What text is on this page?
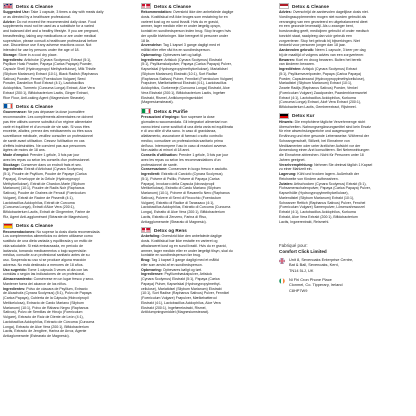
Detox & Cleanse
Suggested Use: Take 1 capsule, 3 times a day with meals daily
or as directed by a healthcare professional.
Advice: Do not exceed the recommended daily dose. Food
supplements must not be used as a substitute for a varied
and balanced diet and a healthy lifestyle. If you are pregnant,
breastfeeding, taking any medications or are under medical
supervision, please consult a healthcare professional before
use. Discontinue use if any adverse reactions occur. Not
intended for use by persons under the age of 18.
Storage: Store in a cool dry place.
Ingredients: Artichoke (Cynara Scolymus) Extract (5:1),
Psyllium Husk Powder, Papaya (Carica Papaya) Powder,
Capsule Shell (Hydroxypropyl Methylcellulose), Milk Thistle
(Silybum Marianum) Extract (10:1), Black Radish (Raphanus
Sativus) Powder, Fennel (Foeniculum Vulgare) Seed
Powder, Dandelion Root Extract (4:1), Lactobacillus
Acidophilus, Turmeric (Curcuma Longa) Extract, Aloe Vera
Extract (200:1), Bifidobacterium Lactis, Ginger Extract,
Rice Flour, Anti-caking Agent (Magnesium Stearate).
Detox & Cleanse
Gouvernance: Ne pas dépasser la dose journalière
recommandée. Les compléments alimentaires ne doivent
pas être utilisés comme substitut d'un régime alimentaire
varié et équilibré et d'un mode de vie sain. Si vous êtes
enceinte, allaitez, prenez des médicaments ou êtes sous
surveillance médicale, veuillez consulter un professionnel
de santé avant utilisation. Cessez l'utilisation en cas
d'effets indésirables. Ne convient pas aux personnes
âgées de moins de 18 ans.
Mode d'emploi: Prendre 1 gélule, 3 fois par jour
avec les repas ou selon les conseils d'un professionnel.
Stockage: Conserver dans un endroit frais et sec.
Ingrédients: Extrait d'Artichaut (Cynara Scolymus)
(5:1), Poudre de Psyllium, Poudre de Papaye (Carica
Papaya), Enveloppe de la Gélule (Hydroxypropyl
Méthylcellulose), Extrait de Chardon-Marie (Silybum
Marianum) (10:1), Poudre de Radis Noir (Raphanus
Sativus), Poudre de Graines de Fenouil (Foeniculum
Vulgare), Extrait de Racine de Pissenlit (4:1),
Lactobacillus Acidophilus, Extrait de Curcuma
(Curcuma Longa), Extrait d'Aloe Vera (200:1),
Bifidobacterium Lactis, Extrait de Gingembre, Farine de
Riz, Agent Anti-agglomérant (Stéarate de Magnésium).
Detox & Cleanse
Recomendaciones: No superar la dosis diaria recomendada.
Los complementos alimenticios no deben utilizarse como
sustituto de una dieta variada y equilibrada y un estilo de
vida saludable. Si está embarazada, en período de
lactancia, tomando medicamentos o bajo supervisión
médica, consulte a un profesional sanitario antes de su
uso. Suspenda su uso si se produce alguna reacción
adversa. No está destinado a menores de 18 años.
Uso sugerido: Tome 1 cápsula 3 veces al día con las
comidas o según las indicaciones de un profesional.
Almacenamiento: Consérvese en un lugar fresco y seco.
Mantener fuera del alcance de los niños.
Ingredientes: Polvo de cáscara de Psyllium, Extracto
de Alcachofa (Cynara Scolymus) (5:1), Polvo de Papaya
(Carica Papaya), Cubierta de la Cápsula (Hidroxipropil
Metilcelulosa), Extracto de Cardo Mariano (Silybum
Marianum) (10:1), Polvo de Rábano Negro (Raphanus
Sativus), Polvo de Semillas de Hinojo (Foeniculum
Vulgare), Extracto de Raíz de Diente de León (4:1),
Lactobacillus Acidophilus, Extracto de Cúrcuma (Curcuma
Longa), Extracto de Aloe Vera (200:1), Bifidobacterium
Lactis, Extracto de Jengibre, Harina de Arroz, Agente
Antiaglomerante (Estearato de Magnesio).
Detox & Cleanse
Rekommendation: Overskrid ikke den anbefalede daglige
dosis. Kosttilskud må ikke bruges som erstatning for en
varieret kost og en sund livsstil. Hvis du er gravid,
ammer, tager medicin eller er under lægelig opsyn,
kontakt en sundhedsperson inden brug. Stop brugen hvis
der opstår bivirkninger. Ikke beregnet til personer under
18 år.
Anvendelse: Tag 1 kapsel 3 gange dagligt med et
måltid eller efter råd fra en sundhedsperson.
Opbevaring: Opbevares tørt og køligt.
Ingredienser: Artiskok (Cynara Scolymus) Ekstrakt
(5:1), Psylliumskalpulver, Papaya (Carica Papaya) Pulver,
Kapselskal (Hydroxypropylmethylcellulose), Mariatidsel
(Silybum Marianum) Ekstrakt (10:1), Sort Radise
(Raphanus Sativus) Pulver, Fennikel (Foeniculum Vulgare)
Frøpulver, Mælkebøtterod Ekstrakt (4:1), Lactobacillus
Acidophilus, Gurkemeje (Curcuma Longa) Ekstrakt, Aloe
Vera Ekstrakt (200:1), Bifidobacterium Lactis, Ingefær
Ekstrakt, Rismel, Antiklumpningsmiddel
(Magnesiumstearat).
Detox & Purifie
Precauzioni d'impiego: Non superare la dose
giornaliera raccomandata. Gli integratori alimentari non
vanno intesi come sostituti di una dieta varia ed equilibrata
e di uno stile di vita sano. In caso di gravidanza,
allattamento, assunzione di farmaci o sotto controllo
medico, consultare un professionista sanitario prima
dell'uso. Interrompere l'uso in caso di reazioni avverse.
Non adatto ai minori di 18 anni.
Conseils d'utilisation: Prendre 1 gélule, 3 fois par jour
avec les repas ou selon les recommandations d'un
professionnel de santé.
Conservazione: Conservare in luogo fresco e asciutto.
Ingredienti: Estratto di Carciofo (Cynara Scolymus)
(5:1), Polvere di Psillio, Polvere di Papaya (Carica
Papaya), Involucro della Capsula (Idrossipropil
Metilcellulosa), Estratto di Cardo Mariano (Silybum
Marianum) (10:1), Polvere di Ravanello Nero (Raphanus
Sativus), Polvere di Semi di Finocchio (Foeniculum
Vulgare), Estratto di Radice di Tarassaco (4:1),
Lactobacillus Acidophilus, Estratto di Curcuma (Curcuma
Longa), Estratto di Aloe Vera (200:1), Bifidobacterium
Lactis, Estratto di Zenzero, Farina di Riso,
Antiagglomerante (Stearato di Magnesio).
Detox og Rens
Anbefaling: Overskrid ikke den anbefalede daglige
dosis. Kosttilskud bør ikke erstatte en varieret og
afbalanceret kost og en sund livsstil. Hvis du er gravid,
ammer, tager medicin eller er under lægeligt tilsyn, skal du
kontakte en sundhedsperson før brug.
Brug: Tag 1 kapsel 3 gange dagligt med et måltid
eller som anvist af en sundhedsperson.
Opbevaring: Opbevares køligt og tørt.
Ingredienser: Psylliumfrøskalpulver, Artiskok
(Cynara Scolymus) Ekstrakt (5:1), Papaya (Carica
Papaya) Pulver, Kapselskal (Hydroxypropylmethyl-
cellulose), Mariatidsel (Silybum Marianum) Ekstrakt
(10:1), Sort Radise (Raphanus Sativus) Pulver, Fennikel
(Foeniculum Vulgare) Frøpulver, Mælkebøtterod
Ekstrakt (4:1), Lactobacillus Acidophilus, Aloe Vera
Ekstrakt (200:1), Ingefærekstrakt, Rismel,
Antiklumpningsmiddel (Magnesiumstearat).
Detox & Cleanse
Advies: Overschrijd de aanbevolen dagelijkse dosis niet.
Voedingssupplementen mogen niet worden gebruikt als
vervanging van een gevarieerd en uitgebalanceerd dieet
en een gezonde levensstijl. Als u zwanger bent,
borstvoeding geeft, medicijnen gebruikt of onder medisch
toezicht staat, raadpleeg dan vóór gebruik een
zorgverlener. Stop het gebruik bij bijwerkingen. Niet
bedoeld voor personen jonger dan 18 jaar.
Aanbevolen gebruik: Neem 1 capsule, 3 keer per dag
bij de maaltijd of volgens advies van een zorgverlener.
Bewaren: Koel en droog bewaren. Buiten het bereik
van kinderen bewaren.
Ingrediënten: Artisjok (Cynara Scolymus) Extract
(5:1), Psylliumvezelpoeder, Papaya (Carica Papaya)
Poeder, Capsulewand (Hydroxypropylmethylcellulose),
Mariadistel (Silybum Marianum) Extract (10:1),
Zwarte Radijs (Raphanus Sativus) Poeder, Venkel
(Foeniculum Vulgare) Zaadpoeder, Paardenbloemwortel
Extract (4:1), Lactobacillus Acidophilus, Kurkuma
(Curcuma Longa) Extract, Aloë Vera Extract (200:1),
Bifidobacterium Lactis, Gemberextract, Rijstmeel.
Detox Kur
Hinweis: Die empfohlene tägliche Verzehrmenge nicht
überschreiten. Nahrungsergänzungsmittel sind kein Ersatz
für eine abwechslungsreiche und ausgewogene
Ernährung und eine gesunde Lebensweise. Während der
Schwangerschaft, Stillzeit, bei Einnahme von
Medikamenten oder unter ärztlicher Aufsicht vor der
Anwendung einen Arzt konsultieren. Bei Nebenwirkungen
die Einnahme abbrechen. Nicht für Personen unter 18
Jahren geeignet.
Verzehrempfehlung: Nehmen Sie dreimal täglich 1 Kapsel
zu einer Mahlzeit ein.
Lagerung: Kühl und trocken lagern. Außerhalb der
Reichweite von Kindern aufbewahren.
Zutaten: Artischocken (Cynara Scolymus) Extrakt (5:1),
Flohsamenschalenpulver, Papaya (Carica Papaya) Pulver,
Kapselhülle (Hydroxypropylmethylcellulose),
Mariendistel (Silybum Marianum) Extrakt (10:1),
Schwarzer Rettich (Raphanus Sativus) Pulver, Fenchel
(Foeniculum Vulgare) Samenpulver, Löwenzahnwurzel
Extrakt (4:1), Lactobacillus Acidophilus, Kurkuma
Extrakt, Aloe Vera Extrakt (200:1), Bifidobacterium
Lactis, Ingwerextrakt, Reismehl.
Fabriqué pour:
Comfort Click Limited
Unit 8, Sevenoaks Enterprise Centre,
Bat & Ball, Sevenoaks, Kent,
TN14 5LJ, UK
Ni Fhi Cron Phone Place
Clonmel, Co. Tipperary, Ireland
C8HP7W9
